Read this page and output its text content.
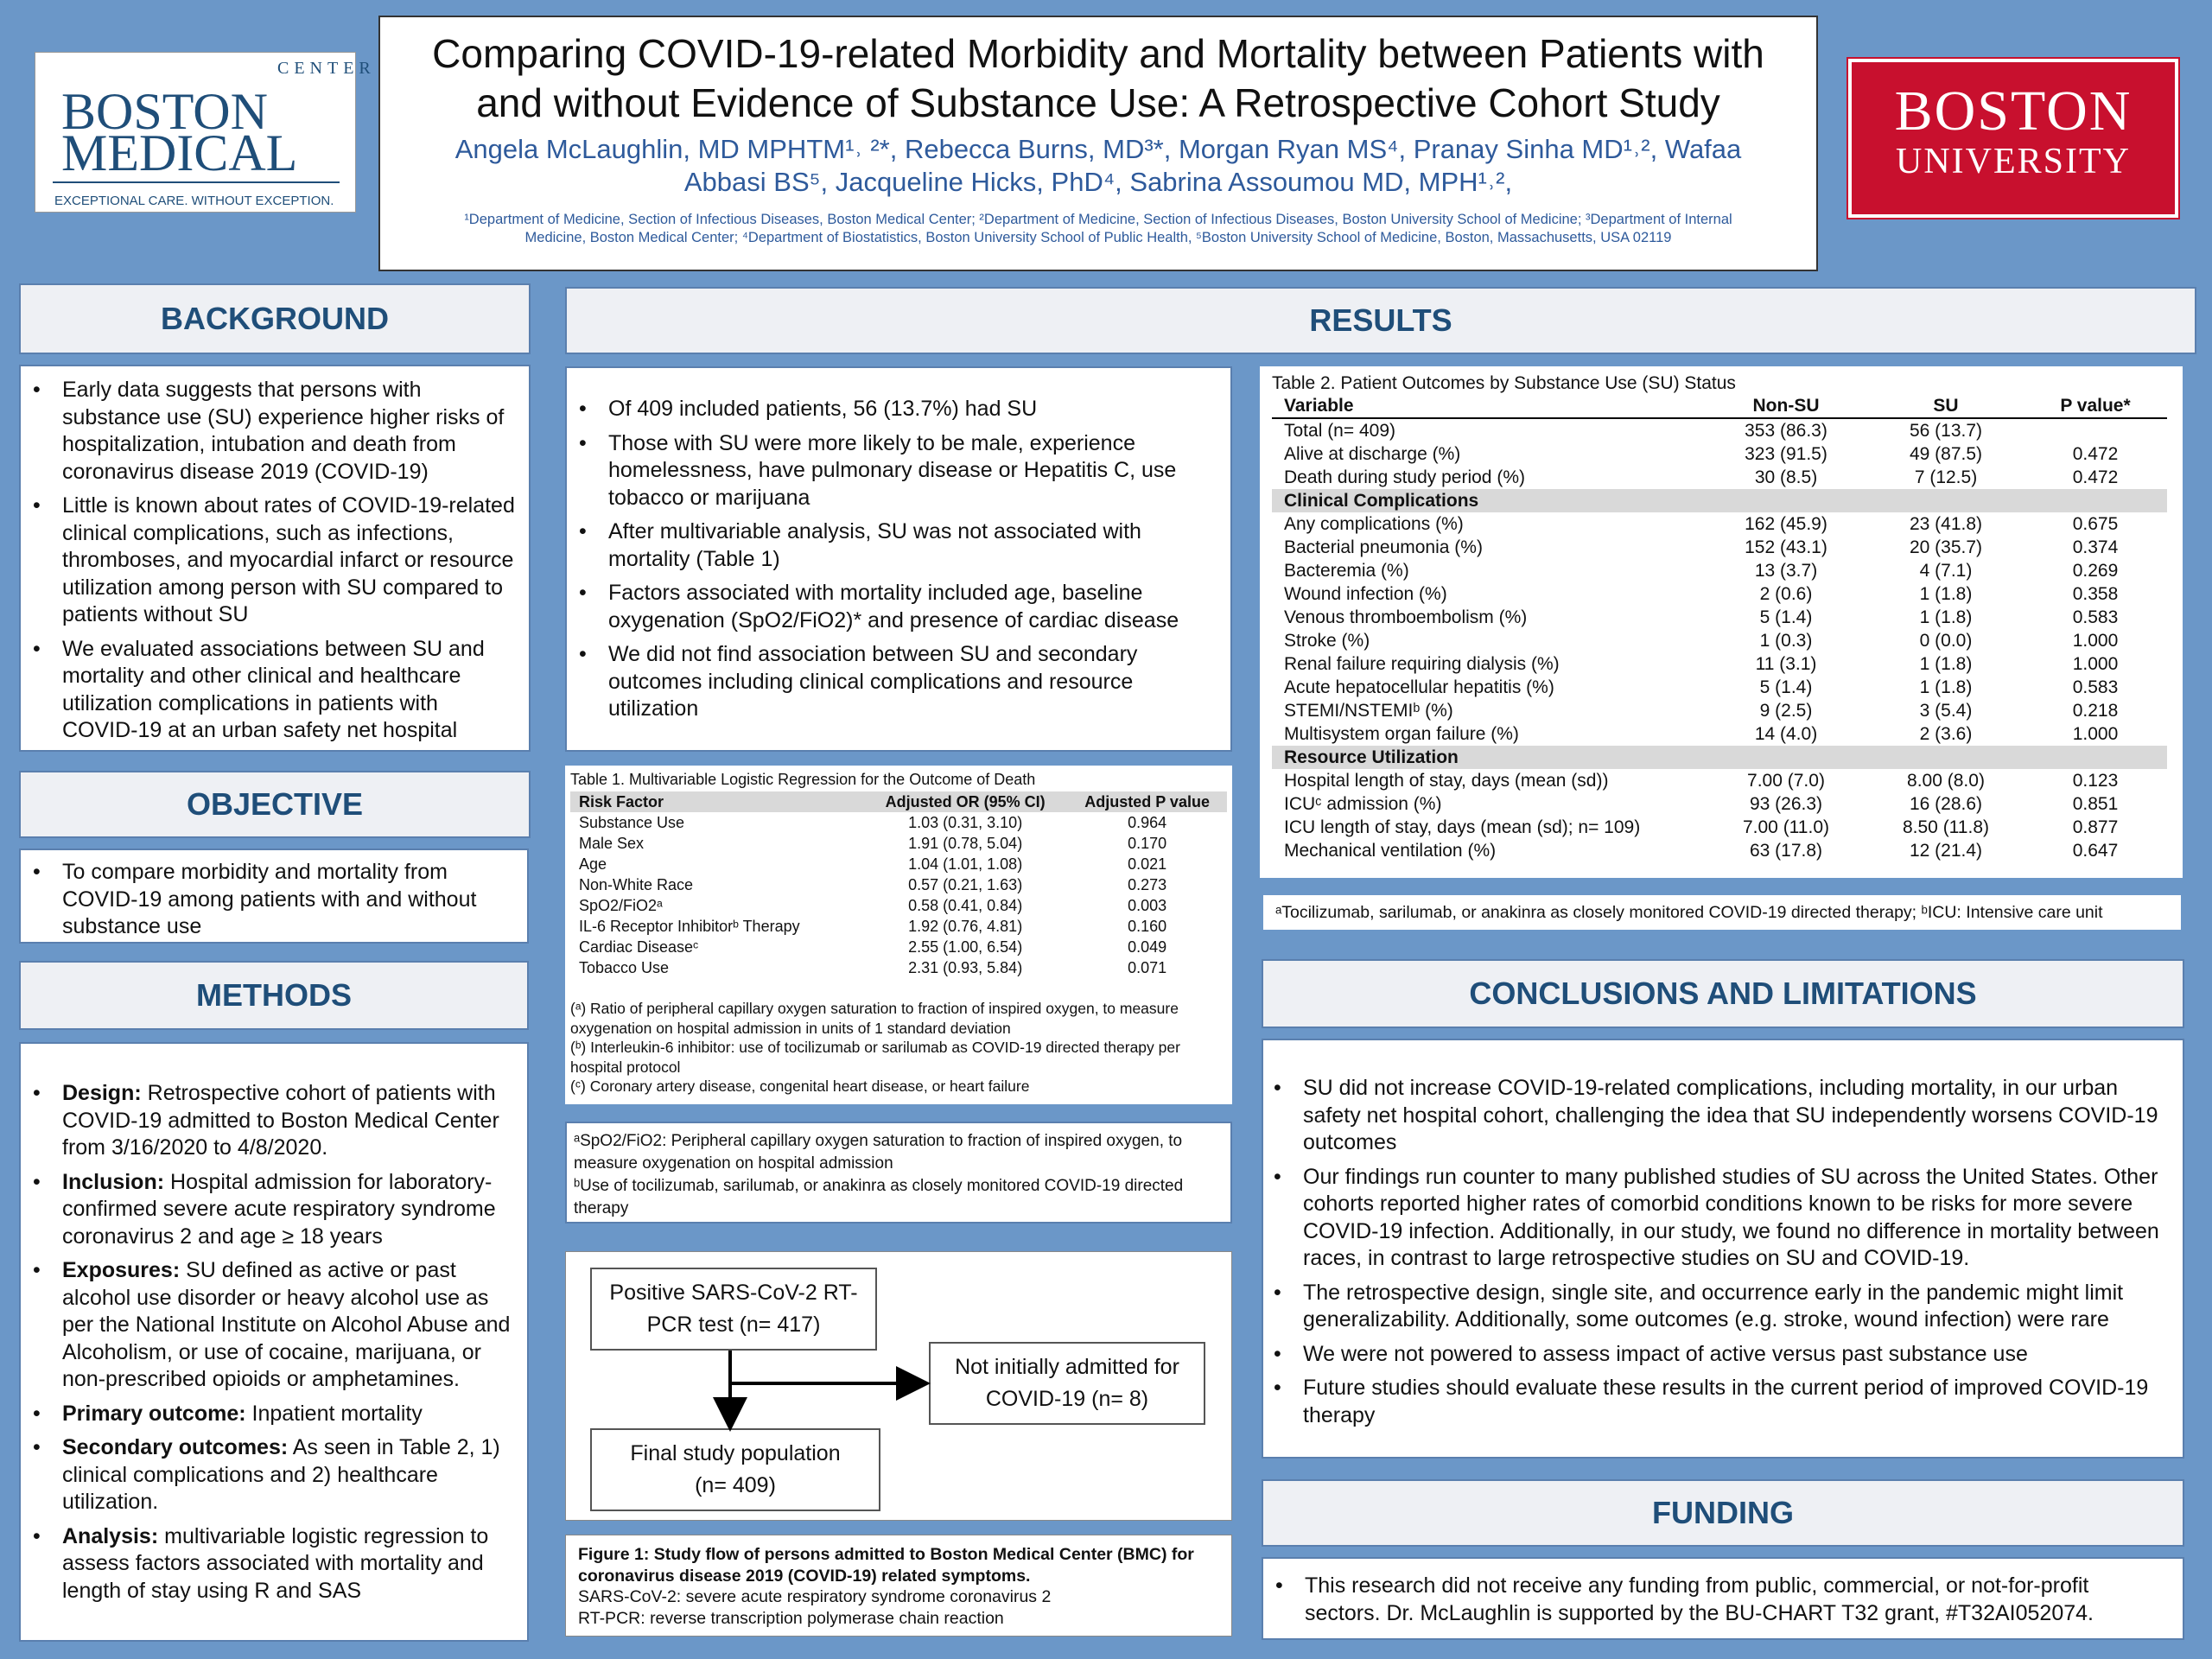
CENTER
BOSTON
MEDICAL
EXCEPTIONAL CARE. WITHOUT EXCEPTION.
Comparing COVID-19-related Morbidity and Mortality between Patients with
and without Evidence of Substance Use: A Retrospective Cohort Study
Angela McLaughlin, MD MPHTM¹˒ ²*, Rebecca Burns, MD³*, Morgan Ryan MS⁴, Pranay Sinha MD¹˒², Wafaa
Abbasi BS⁵, Jacqueline Hicks, PhD⁴, Sabrina Assoumou MD, MPH¹˒²,
¹Department of Medicine, Section of Infectious Diseases, Boston Medical Center; ²Department of Medicine, Section of Infectious Diseases, Boston University School of Medicine; ³Department of Internal
Medicine, Boston Medical Center; ⁴Department of Biostatistics, Boston University School of Public Health, ⁵Boston University School of Medicine, Boston, Massachusetts, USA 02119
BOSTON
UNIVERSITY
BACKGROUND
• Early data suggests that persons with substance use (SU) experience higher risks of hospitalization, intubation and death from coronavirus disease 2019 (COVID-19)
• Little is known about rates of COVID-19-related clinical complications, such as infections, thromboses, and myocardial infarct or resource utilization among person with SU compared to patients without SU
• We evaluated associations between SU and mortality and other clinical and healthcare utilization complications in patients with COVID-19 at an urban safety net hospital
OBJECTIVE
• To compare morbidity and mortality from COVID-19 among patients with and without substance use
METHODS
• Design: Retrospective cohort of patients with COVID-19 admitted to Boston Medical Center from 3/16/2020 to 4/8/2020.
• Inclusion: Hospital admission for laboratory-confirmed severe acute respiratory syndrome coronavirus 2 and age ≥ 18 years
• Exposures: SU defined as active or past alcohol use disorder or heavy alcohol use as per the National Institute on Alcohol Abuse and Alcoholism, or use of cocaine, marijuana, or non-prescribed opioids or amphetamines.
• Primary outcome: Inpatient mortality
• Secondary outcomes: As seen in Table 2, 1) clinical complications and 2) healthcare utilization.
• Analysis: multivariable logistic regression to assess factors associated with mortality and length of stay using R and SAS
RESULTS
• Of 409 included patients, 56 (13.7%) had SU
• Those with SU were more likely to be male, experience homelessness, have pulmonary disease or Hepatitis C, use tobacco or marijuana
• After multivariable analysis, SU was not associated with mortality (Table 1)
• Factors associated with mortality included age, baseline oxygenation (SpO2/FiO2)* and presence of cardiac disease
• We did not find association between SU and secondary outcomes including clinical complications and resource utilization
Table 1. Multivariable Logistic Regression for the Outcome of Death
Risk Factor	Adjusted OR (95% CI)	Adjusted P value
Substance Use	1.03 (0.31, 3.10)	0.964
Male Sex	1.91 (0.78, 5.04)	0.170
Age	1.04 (1.01, 1.08)	0.021
Non-White Race	0.57 (0.21, 1.63)	0.273
SpO2/FiO2ᵃ	0.58 (0.41, 0.84)	0.003
IL-6 Receptor Inhibitorᵇ Therapy	1.92 (0.76, 4.81)	0.160
Cardiac Diseaseᶜ	2.55 (1.00, 6.54)	0.049
Tobacco Use	2.31 (0.93, 5.84)	0.071
(ᵃ) Ratio of peripheral capillary oxygen saturation to fraction of inspired oxygen, to measure oxygenation on hospital admission in units of 1 standard deviation
(ᵇ) Interleukin-6 inhibitor: use of tocilizumab or sarilumab as COVID-19 directed therapy per hospital protocol
(ᶜ) Coronary artery disease, congenital heart disease, or heart failure
ᵃSpO2/FiO2: Peripheral capillary oxygen saturation to fraction of inspired oxygen, to measure oxygenation on hospital admission
ᵇUse of tocilizumab, sarilumab, or anakinra as closely monitored COVID-19 directed therapy
Positive SARS-CoV-2 RT-PCR test (n= 417)
Not initially admitted for COVID-19 (n= 8)
Final study population (n= 409)
Figure 1: Study flow of persons admitted to Boston Medical Center (BMC) for coronavirus disease 2019 (COVID-19) related symptoms.
SARS-CoV-2: severe acute respiratory syndrome coronavirus 2
RT-PCR: reverse transcription polymerase chain reaction
Table 2. Patient Outcomes by Substance Use (SU) Status
Variable	Non-SU	SU	P value*
Total (n= 409)	353 (86.3)	56 (13.7)	
Alive at discharge (%)	323 (91.5)	49 (87.5)	0.472
Death during study period (%)	30 (8.5)	7 (12.5)	0.472
Clinical Complications			
Any complications (%)	162 (45.9)	23 (41.8)	0.675
Bacterial pneumonia (%)	152 (43.1)	20 (35.7)	0.374
Bacteremia (%)	13 (3.7)	4 (7.1)	0.269
Wound infection (%)	2 (0.6)	1 (1.8)	0.358
Venous thromboembolism (%)	5 (1.4)	1 (1.8)	0.583
Stroke (%)	1 (0.3)	0 (0.0)	1.000
Renal failure requiring dialysis (%)	11 (3.1)	1 (1.8)	1.000
Acute hepatocellular hepatitis (%)	5 (1.4)	1 (1.8)	0.583
STEMI/NSTEMIᵇ (%)	9 (2.5)	3 (5.4)	0.218
Multisystem organ failure (%)	14 (4.0)	2 (3.6)	1.000
Resource Utilization			
Hospital length of stay, days (mean (sd))	7.00 (7.0)	8.00 (8.0)	0.123
ICUᶜ admission (%)	93 (26.3)	16 (28.6)	0.851
ICU length of stay, days (mean (sd); n= 109)	7.00 (11.0)	8.50 (11.8)	0.877
Mechanical ventilation (%)	63 (17.8)	12 (21.4)	0.647
ᵃTocilizumab, sarilumab, or anakinra as closely monitored COVID-19 directed therapy; ᵇICU: Intensive care unit
CONCLUSIONS AND LIMITATIONS
• SU did not increase COVID-19-related complications, including mortality, in our urban safety net hospital cohort, challenging the idea that SU independently worsens COVID-19 outcomes
• Our findings run counter to many published studies of SU across the United States. Other cohorts reported higher rates of comorbid conditions known to be risks for more severe COVID-19 infection. Additionally, in our study, we found no difference in mortality between races, in contrast to large retrospective studies on SU and COVID-19.
• The retrospective design, single site, and occurrence early in the pandemic might limit generalizability. Additionally, some outcomes (e.g. stroke, wound infection) were rare
• We were not powered to assess impact of active versus past substance use
• Future studies should evaluate these results in the current period of improved COVID-19 therapy
FUNDING
• This research did not receive any funding from public, commercial, or not-for-profit sectors. Dr. McLaughlin is supported by the BU-CHART T32 grant, #T32AI052074.
